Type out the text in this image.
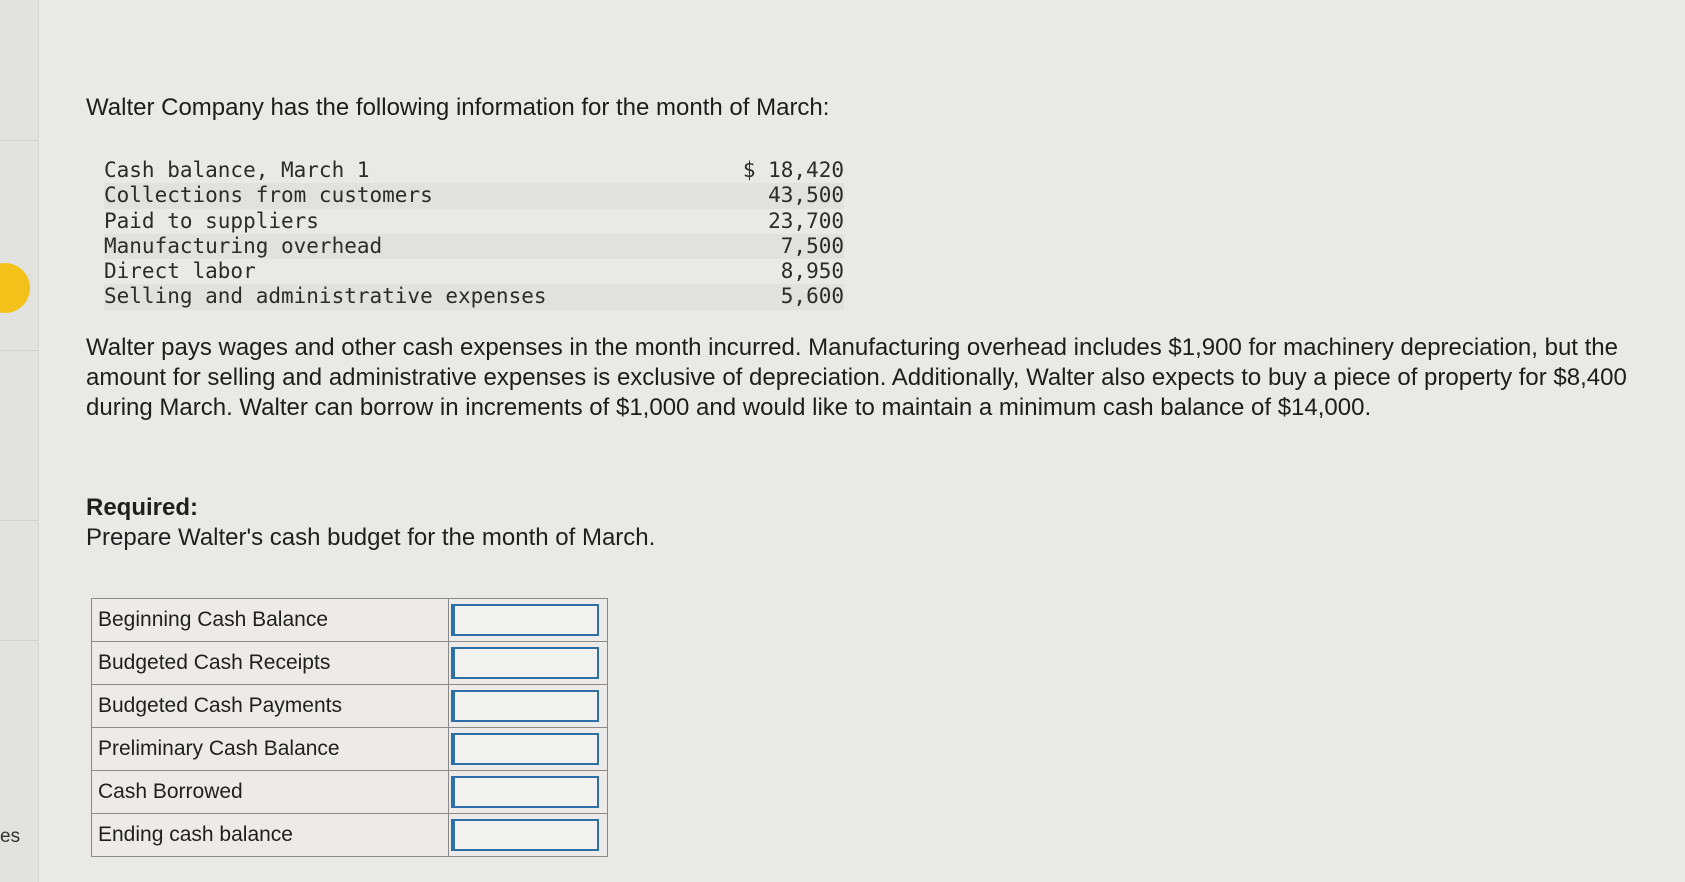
es

Walter Company has the following information for the month of March:

Cash balance, March 1	$ 18,420
Collections from customers	43,500
Paid to suppliers	23,700
Manufacturing overhead	7,500
Direct labor	8,950
Selling and administrative expenses	5,600

Walter pays wages and other cash expenses in the month incurred. Manufacturing overhead includes $1,900 for machinery depreciation, but the amount for selling and administrative expenses is exclusive of depreciation. Additionally, Walter also expects to buy a piece of property for $8,400 during March. Walter can borrow in increments of $1,000 and would like to maintain a minimum cash balance of $14,000.

Required:

Prepare Walter's cash budget for the month of March.

Beginning Cash Balance	
Budgeted Cash Receipts	
Budgeted Cash Payments	
Preliminary Cash Balance	
Cash Borrowed	
Ending cash balance	
